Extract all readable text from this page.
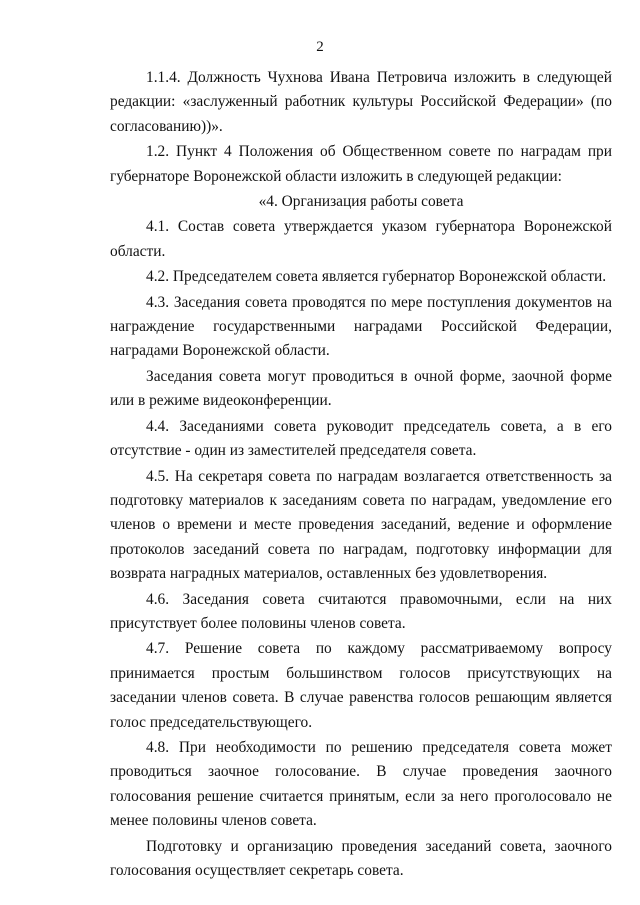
2

1.1.4. Должность Чухнова Ивана Петровича изложить в следующей редакции: «заслуженный работник культуры Российской Федерации» (по согласованию))».

1.2. Пункт 4 Положения об Общественном совете по наградам при губернаторе Воронежской области изложить в следующей редакции:

«4. Организация работы совета

4.1. Состав совета утверждается указом губернатора Воронежской области.

4.2. Председателем совета является губернатор Воронежской области.

4.3. Заседания совета проводятся по мере поступления документов на награждение государственными наградами Российской Федерации, наградами Воронежской области.

Заседания совета могут проводиться в очной форме, заочной форме или в режиме видеоконференции.

4.4. Заседаниями совета руководит председатель совета, а в его отсутствие - один из заместителей председателя совета.

4.5. На секретаря совета по наградам возлагается ответственность за подготовку материалов к заседаниям совета по наградам, уведомление его членов о времени и месте проведения заседаний, ведение и оформление протоколов заседаний совета по наградам, подготовку информации для возврата наградных материалов, оставленных без удовлетворения.

4.6. Заседания совета считаются правомочными, если на них присутствует более половины членов совета.

4.7. Решение совета по каждому рассматриваемому вопросу принимается простым большинством голосов присутствующих на заседании членов совета. В случае равенства голосов решающим является голос председательствующего.

4.8. При необходимости по решению председателя совета может проводиться заочное голосование. В случае проведения заочного голосования решение считается принятым, если за него проголосовало не менее половины членов совета.

Подготовку и организацию проведения заседаний совета, заочного голосования осуществляет секретарь совета.
